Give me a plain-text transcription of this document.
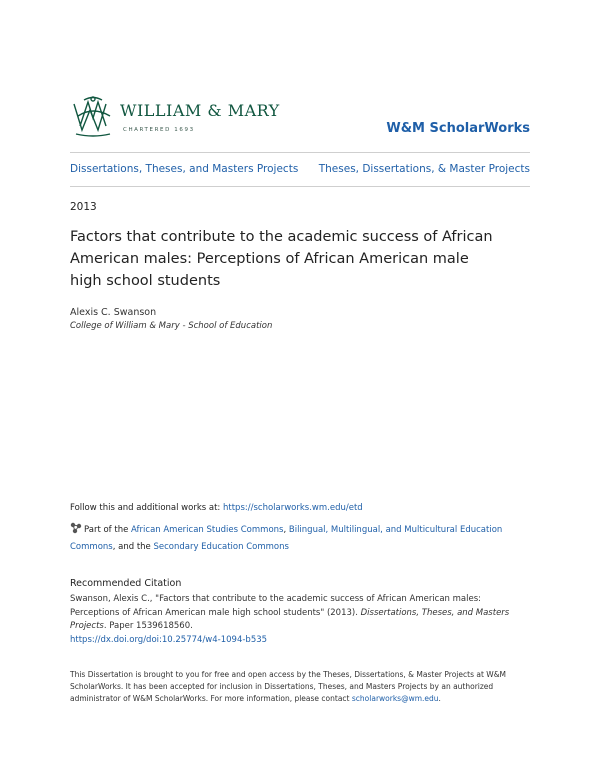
WILLIAM & MARY
CHARTERED 1693	W&M ScholarWorks
Dissertations, Theses, and Masters Projects Theses, Dissertations, & Master Projects
2013
Factors that contribute to the academic success of African American males: Perceptions of African American male high school students
Alexis C. Swanson
College of William & Mary - School of Education
Follow this and additional works at: https://scholarworks.wm.edu/etd
Part of the African American Studies Commons, Bilingual, Multilingual, and Multicultural Education Commons, and the Secondary Education Commons
Recommended Citation
Swanson, Alexis C., "Factors that contribute to the academic success of African American males: Perceptions of African American male high school students" (2013). Dissertations, Theses, and Masters Projects. Paper 1539618560.
https://dx.doi.org/doi:10.25774/w4-1094-b535
This Dissertation is brought to you for free and open access by the Theses, Dissertations, & Master Projects at W&M ScholarWorks. It has been accepted for inclusion in Dissertations, Theses, and Masters Projects by an authorized administrator of W&M ScholarWorks. For more information, please contact scholarworks@wm.edu.
